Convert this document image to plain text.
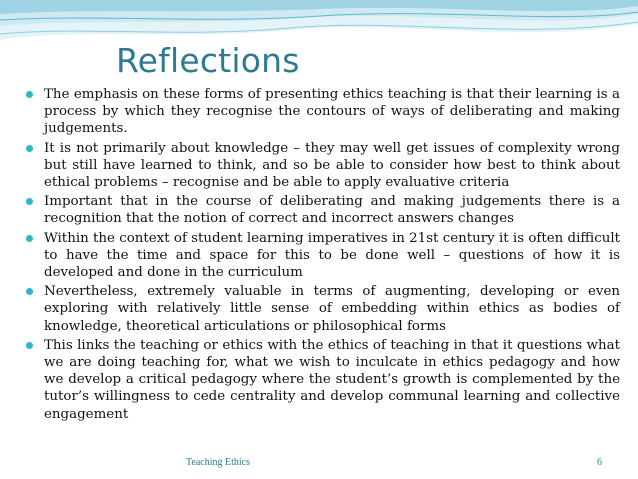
Reflections
The emphasis on these forms of presenting ethics teaching is that their learning is a process by which they recognise the contours of ways of deliberating and making judgements.
It is not primarily about knowledge – they may well get issues of complexity wrong but still have learned to think, and so be able to consider how best to think about ethical problems – recognise and be able to apply evaluative criteria
Important that in the course of deliberating and making judgements there is a recognition that the notion of correct and incorrect answers changes
Within the context of student learning imperatives in 21st century it is often difficult to have the time and space for this to be done well – questions of how it is developed and done in the curriculum
Nevertheless, extremely valuable in terms of augmenting, developing or even exploring with relatively little sense of embedding within ethics as bodies of knowledge, theoretical articulations or philosophical forms
This links the teaching or ethics with the ethics of teaching in that it questions what we are doing teaching for, what we wish to inculcate in ethics pedagogy and how we develop a critical pedagogy where the student’s growth is complemented by the tutor’s willingness to cede centrality and develop communal learning and collective engagement
Teaching Ethics	6
